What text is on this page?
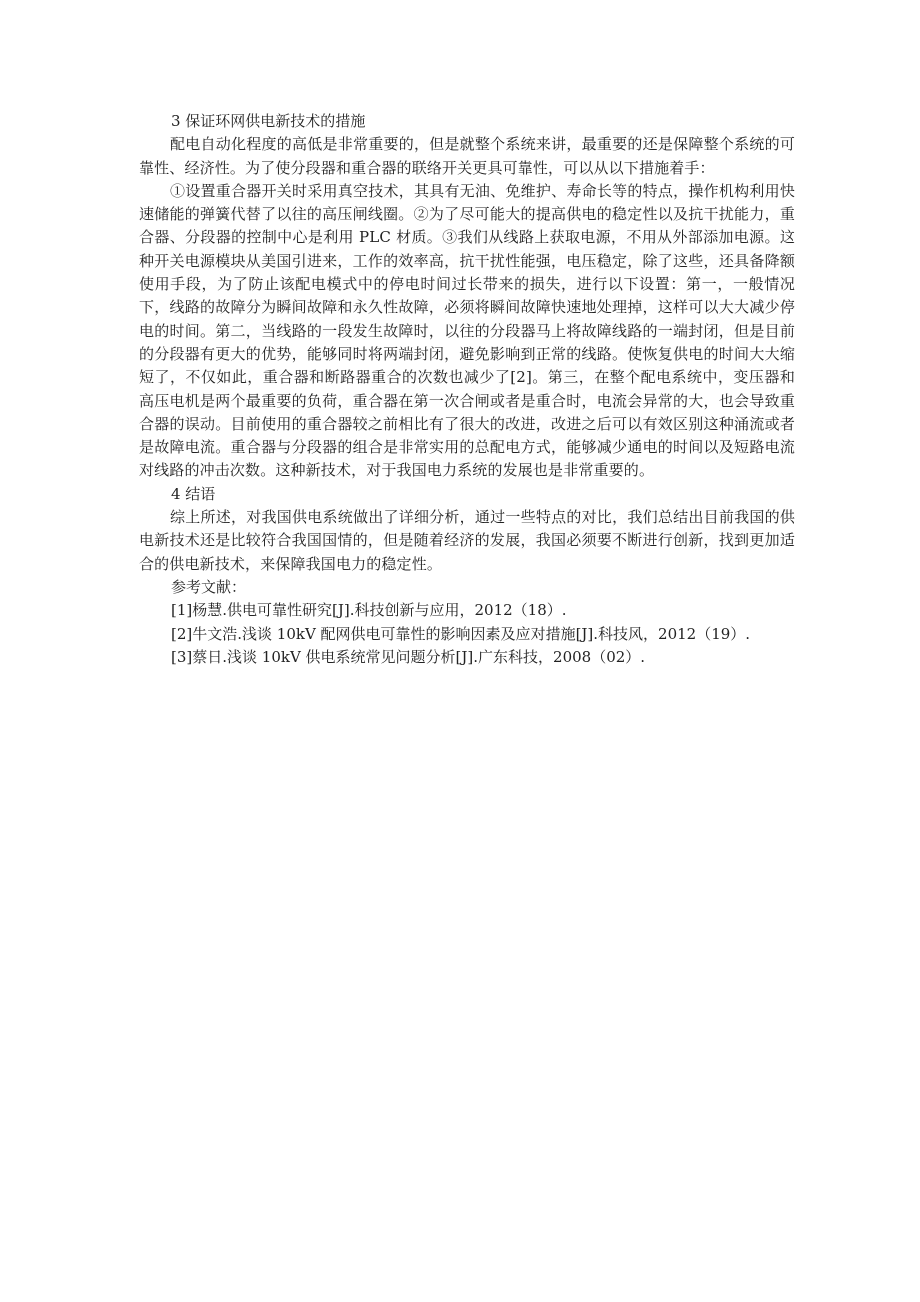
3 保证环网供电新技术的措施

配电自动化程度的高低是非常重要的，但是就整个系统来讲，最重要的还是保障整个系统的可靠性、经济性。为了使分段器和重合器的联络开关更具可靠性，可以从以下措施着手：

①设置重合器开关时采用真空技术，其具有无油、免维护、寿命长等的特点，操作机构利用快速储能的弹簧代替了以往的高压闸线圈。②为了尽可能大的提高供电的稳定性以及抗干扰能力，重合器、分段器的控制中心是利用 PLC 材质。③我们从线路上获取电源，不用从外部添加电源。这种开关电源模块从美国引进来，工作的效率高，抗干扰性能强，电压稳定，除了这些，还具备降额使用手段，为了防止该配电模式中的停电时间过长带来的损失，进行以下设置：第一，一般情况下，线路的故障分为瞬间故障和永久性故障，必须将瞬间故障快速地处理掉，这样可以大大减少停电的时间。第二，当线路的一段发生故障时，以往的分段器马上将故障线路的一端封闭，但是目前的分段器有更大的优势，能够同时将两端封闭，避免影响到正常的线路。使恢复供电的时间大大缩短了，不仅如此，重合器和断路器重合的次数也减少了[2]。第三，在整个配电系统中，变压器和高压电机是两个最重要的负荷，重合器在第一次合闸或者是重合时，电流会异常的大，也会导致重合器的误动。目前使用的重合器较之前相比有了很大的改进，改进之后可以有效区别这种涌流或者是故障电流。重合器与分段器的组合是非常实用的总配电方式，能够减少通电的时间以及短路电流对线路的冲击次数。这种新技术，对于我国电力系统的发展也是非常重要的。

4 结语

综上所述，对我国供电系统做出了详细分析，通过一些特点的对比，我们总结出目前我国的供电新技术还是比较符合我国国情的，但是随着经济的发展，我国必须要不断进行创新，找到更加适合的供电新技术，来保障我国电力的稳定性。

参考文献：

[1]杨慧.供电可靠性研究[J].科技创新与应用，2012（18）.
[2]牛文浩.浅谈 10kV 配网供电可靠性的影响因素及应对措施[J].科技风，2012（19）.
[3]蔡日.浅谈 10kV 供电系统常见问题分析[J].广东科技，2008（02）.
